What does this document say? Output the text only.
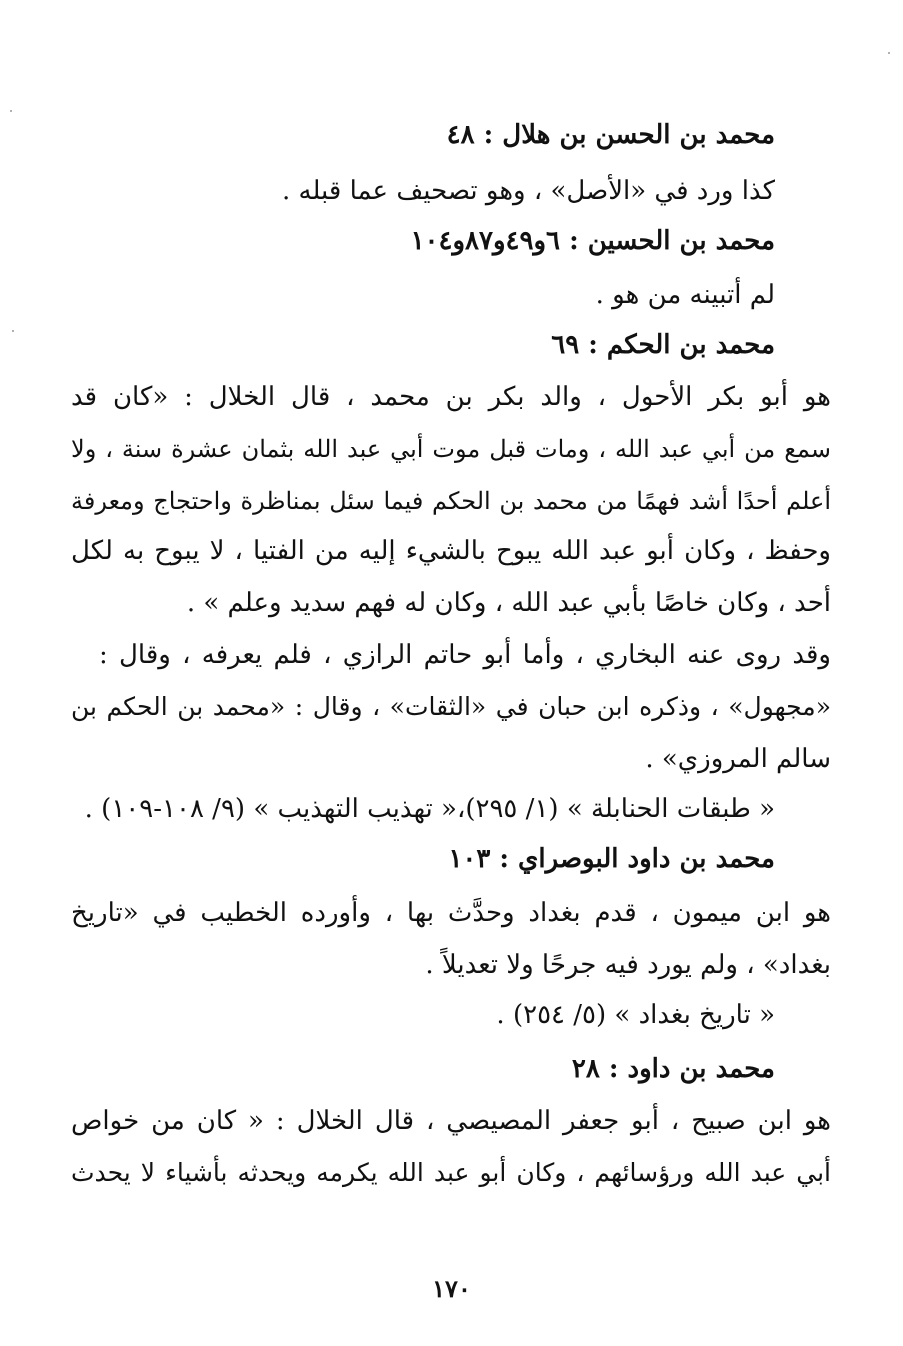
محمد بن الحسن بن هلال : ٤٨
كذا ورد في «الأصل» ، وهو تصحيف عما قبله .
محمد بن الحسين : ٦و٤٩و٨٧و١٠٤
لم أتبينه من هو .
محمد بن الحكم : ٦٩
هو أبو بكر الأحول ، والد بكر بن محمد ، قال الخلال : «كان قد
سمع من أبي عبد الله ، ومات قبل موت أبي عبد الله بثمان عشرة سنة ، ولا
أعلم أحدًا أشد فهمًا من محمد بن الحكم فيما سئل بمناظرة واحتجاج ومعرفة
وحفظ ، وكان أبو عبد الله يبوح بالشيء إليه من الفتيا ، لا يبوح به لكل
أحد ، وكان خاصًا بأبي عبد الله ، وكان له فهم سديد وعلم » .
وقد روى عنه البخاري ، وأما أبو حاتم الرازي ، فلم يعرفه ، وقال :
«مجهول» ، وذكره ابن حبان في «الثقات» ، وقال : «محمد بن الحكم بن
سالم المروزي» .
« طبقات الحنابلة » (١/ ٢٩٥)،« تهذيب التهذيب » (٩/ ١٠٨-١٠٩) .
محمد بن داود البوصراي : ١٠٣
هو ابن ميمون ، قدم بغداد وحدَّث بها ، وأورده الخطيب في «تاريخ
بغداد» ، ولم يورد فيه جرحًا ولا تعديلاً .
« تاريخ بغداد » (٥/ ٢٥٤) .
محمد بن داود : ٢٨
هو ابن صبيح ، أبو جعفر المصيصي ، قال الخلال : « كان من خواص
أبي عبد الله ورؤسائهم ، وكان أبو عبد الله يكرمه ويحدثه بأشياء لا يحدث
١٧٠
